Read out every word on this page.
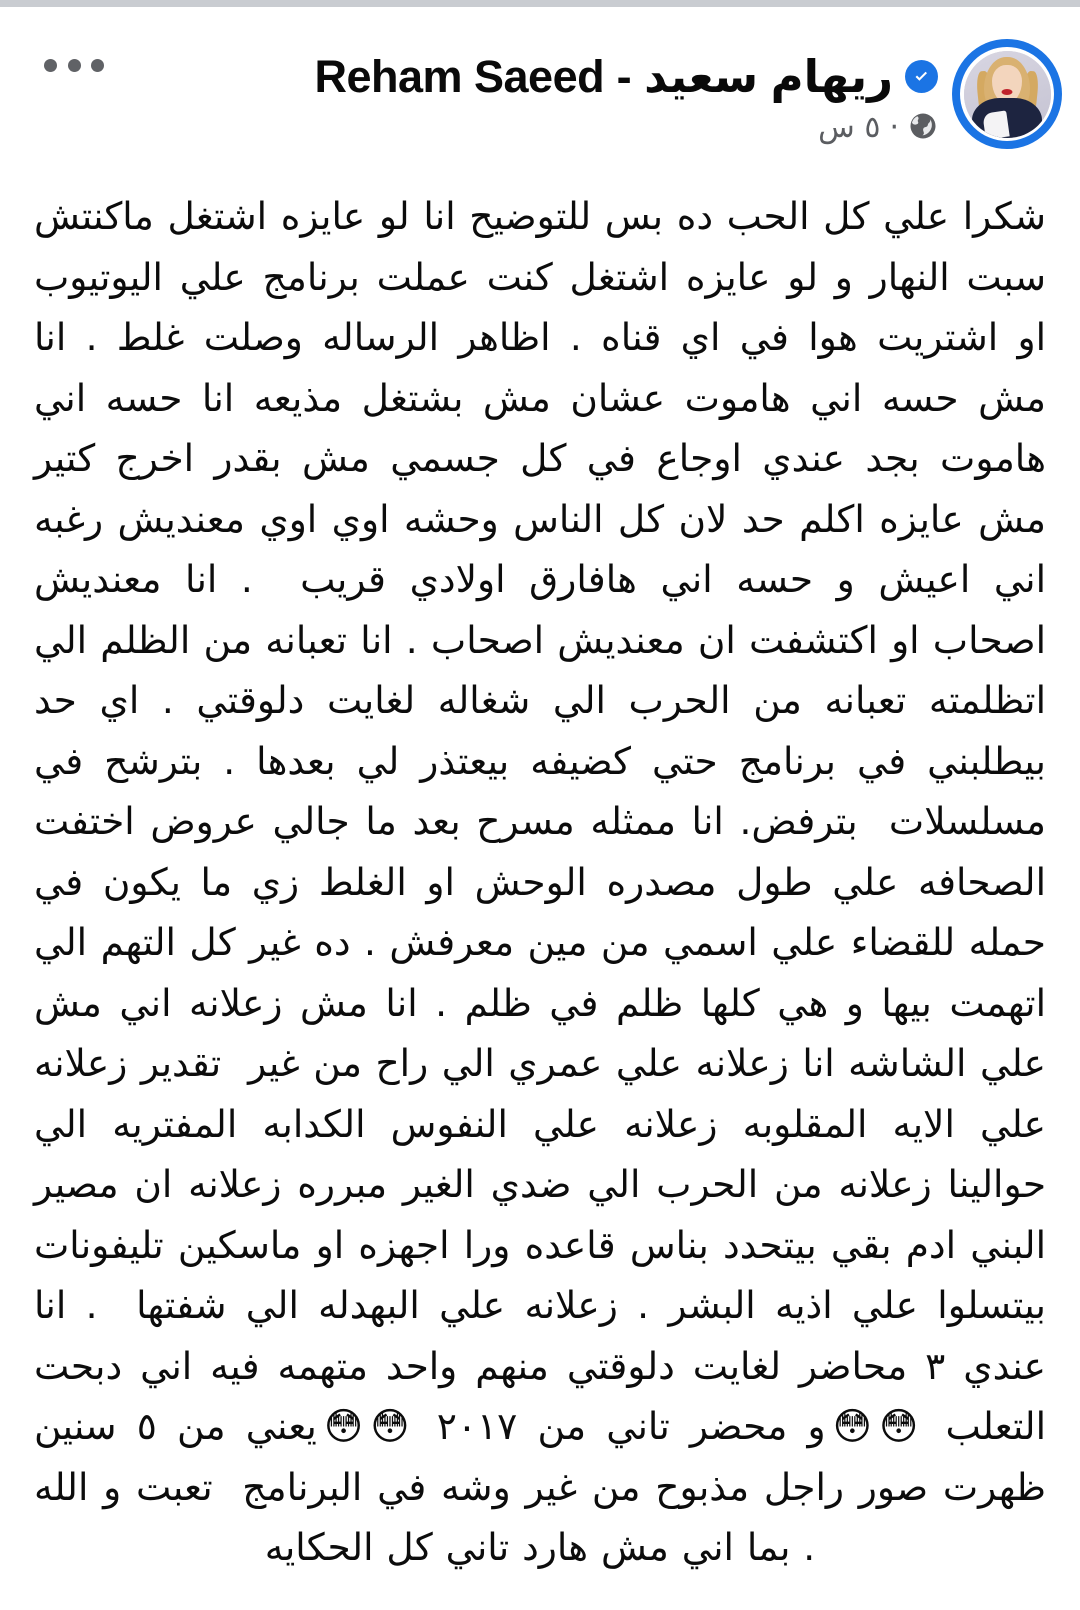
ريهام سعيد - Reham Saeed
·
٥ س
شكرا علي كل الحب ده بس للتوضيح انا لو عايزه اشتغل ماكنتش سبت النهار و لو عايزه اشتغل كنت عملت برنامج علي اليوتيوب او اشتريت هوا في اي قناه . اظاهر الرساله وصلت غلط . انا مش حسه اني هاموت عشان مش بشتغل مذيعه انا حسه اني هاموت بجد عندي اوجاع في كل جسمي مش بقدر اخرج كتير مش عايزه اكلم حد لان كل الناس وحشه اوي اوي معنديش رغبه اني اعيش و حسه اني هافارق اولادي قريب  . انا معنديش اصحاب او اكتشفت ان معنديش اصحاب . انا تعبانه من الظلم الي اتظلمته تعبانه من الحرب الي شغاله لغايت دلوقتي . اي حد بيطلبني في برنامج حتي كضيفه بيعتذر لي بعدها . بترشح في مسلسلات  بترفض. انا ممثله مسرح بعد ما جالي عروض اختفت الصحافه علي طول مصدره الوحش او الغلط زي ما يكون في حمله للقضاء علي اسمي من مين معرفش . ده غير كل التهم الي اتهمت بيها و هي كلها ظلم في ظلم . انا مش زعلانه اني مش علي الشاشه انا زعلانه علي عمري الي راح من غير  تقدير زعلانه علي الايه المقلوبه زعلانه علي النفوس الكدابه المفتريه الي  حوالينا زعلانه من الحرب الي ضدي الغير مبرره زعلانه ان مصير البني ادم بقي بيتحدد بناس قاعده ورا اجهزه او ماسكين تليفونات بيتسلوا علي اذيه البشر . زعلانه علي البهدله الي شفتها  . انا عندي ٣ محاضر لغايت دلوقتي منهم واحد متهمه فيه اني دبحت التعلب 😳😳و محضر تاني من ٢٠١٧ 😳😳يعني من ٥ سنين ظهرت صور راجل مذبوح من غير وشه في البرنامج  تعبت و الله . بما اني مش هارد تاني كل الحكايه
